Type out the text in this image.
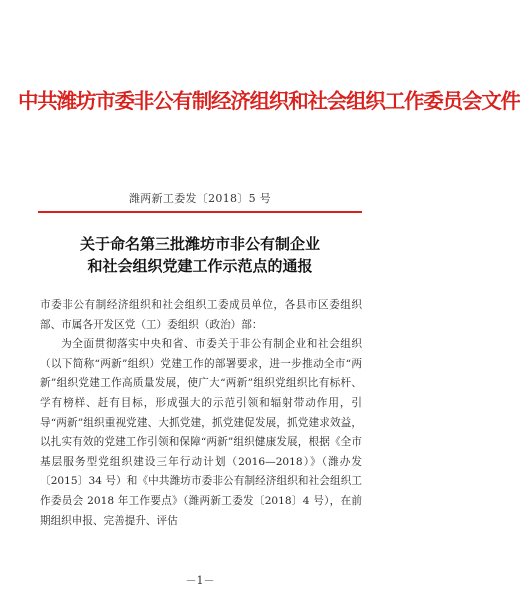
中共潍坊市委非公有制经济组织和社会组织工作委员会文件
潍两新工委发〔2018〕5 号
关于命名第三批潍坊市非公有制企业
和社会组织党建工作示范点的通报

市委非公有制经济组织和社会组织工委成员单位，各县市区委组织部、市属各开发区党（工）委组织（政治）部：

为全面贯彻落实中央和省、市委关于非公有制企业和社会组织（以下简称“两新”组织）党建工作的部署要求，进一步推动全市“两新”组织党建工作高质量发展，使广大“两新”组织党组织比有标杆、学有榜样、赶有目标，形成强大的示范引领和辐射带动作用，引导“两新”组织重视党建、大抓党建，抓党建促发展，抓党建求效益，以扎实有效的党建工作引领和保障“两新”组织健康发展，根据《全市基层服务型党组织建设三年行动计划（2016—2018）》（潍办发〔2015〕34 号）和《中共潍坊市委非公有制经济组织和社会组织工作委员会 2018 年工作要点》（潍两新工委发〔2018〕4 号），在前期组织申报、完善提升、评估

－1－
